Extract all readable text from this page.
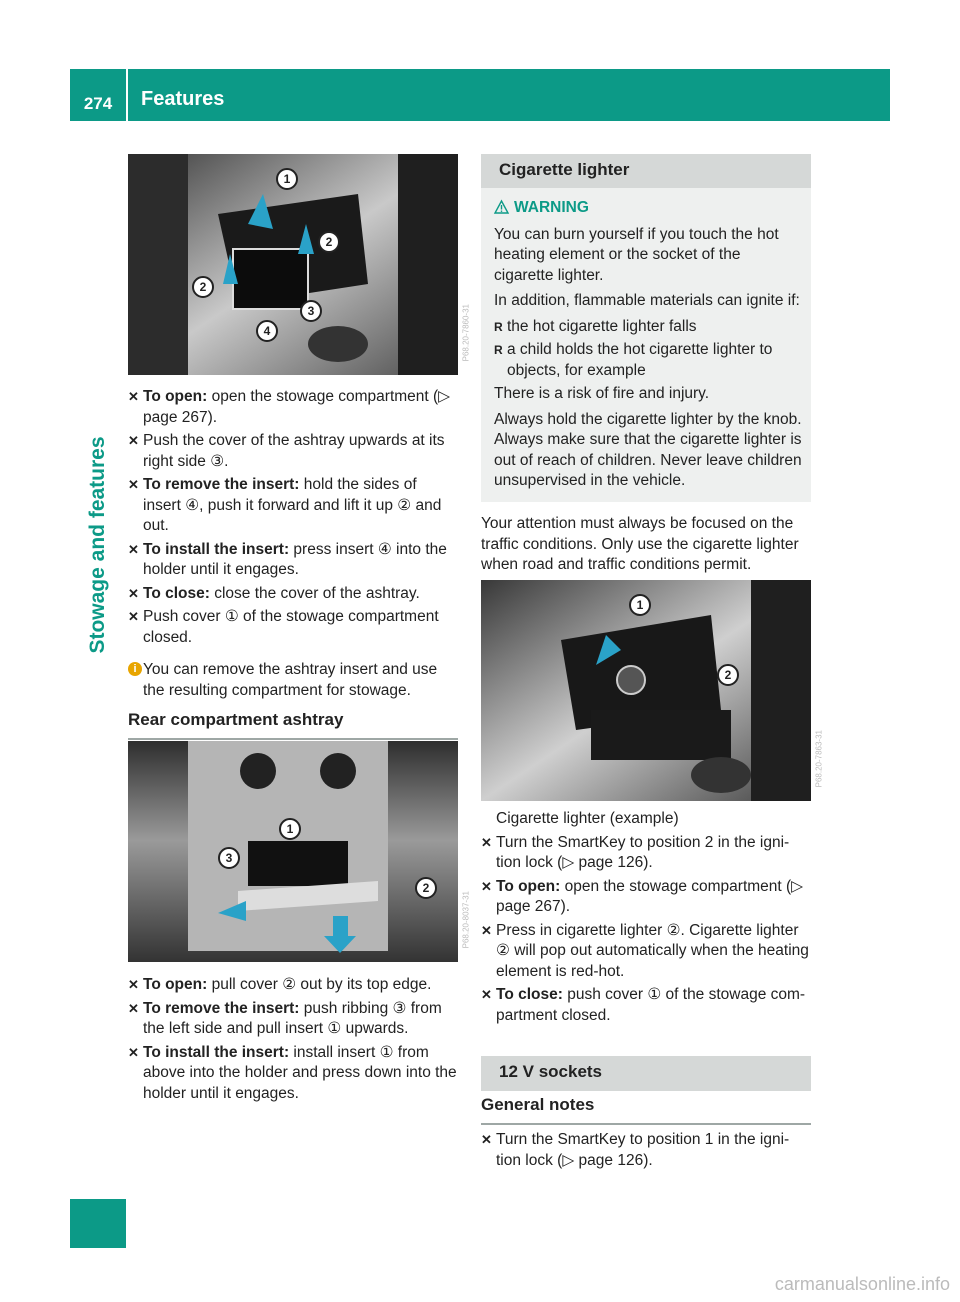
274	Features
Stowage and features
1
2
2
3
4	P68.20-7860-31
✕ To open: open the stowage compartment (▷ page 267).
✕ Push the cover of the ashtray upwards at its right side ③.
✕ To remove the insert: hold the sides of insert ④, push it forward and lift it up ② and out.
✕ To install the insert: press insert ④ into the holder until it engages.
✕ To close: close the cover of the ashtray.
✕ Push cover ① of the stowage compartment closed.
i You can remove the ashtray insert and use the resulting compartment for stowage.
Rear compartment ashtray
1
3
2
P68.20-8037-31
✕ To open: pull cover ② out by its top edge.
✕ To remove the insert: push ribbing ③ from the left side and pull insert ① upwards.
✕ To install the insert: install insert ① from above into the holder and press down into the holder until it engages.
Cigarette lighter
WARNING

You can burn yourself if you touch the hot heating element or the socket of the cigarette lighter.

In addition, flammable materials can ignite if:

R the hot cigarette lighter falls
R a child holds the hot cigarette lighter to objects, for example

There is a risk of fire and injury.

Always hold the cigarette lighter by the knob. Always make sure that the cigarette lighter is out of reach of children. Never leave children unsupervised in the vehicle.

Your attention must always be focused on the traffic conditions. Only use the cigarette lighter when road and traffic conditions permit.
1
2
P68.20-7863-31
Cigarette lighter (example)
✕ Turn the SmartKey to position 2 in the igni-tion lock (▷ page 126).
✕ To open: open the stowage compartment (▷ page 267).
✕ Press in cigarette lighter ②. Cigarette lighter ② will pop out automatically when the heating element is red-hot.
✕ To close: push cover ① of the stowage com-partment closed.
12 V sockets
General notes
✕ Turn the SmartKey to position 1 in the igni-tion lock (▷ page 126).
carmanualsonline.info
